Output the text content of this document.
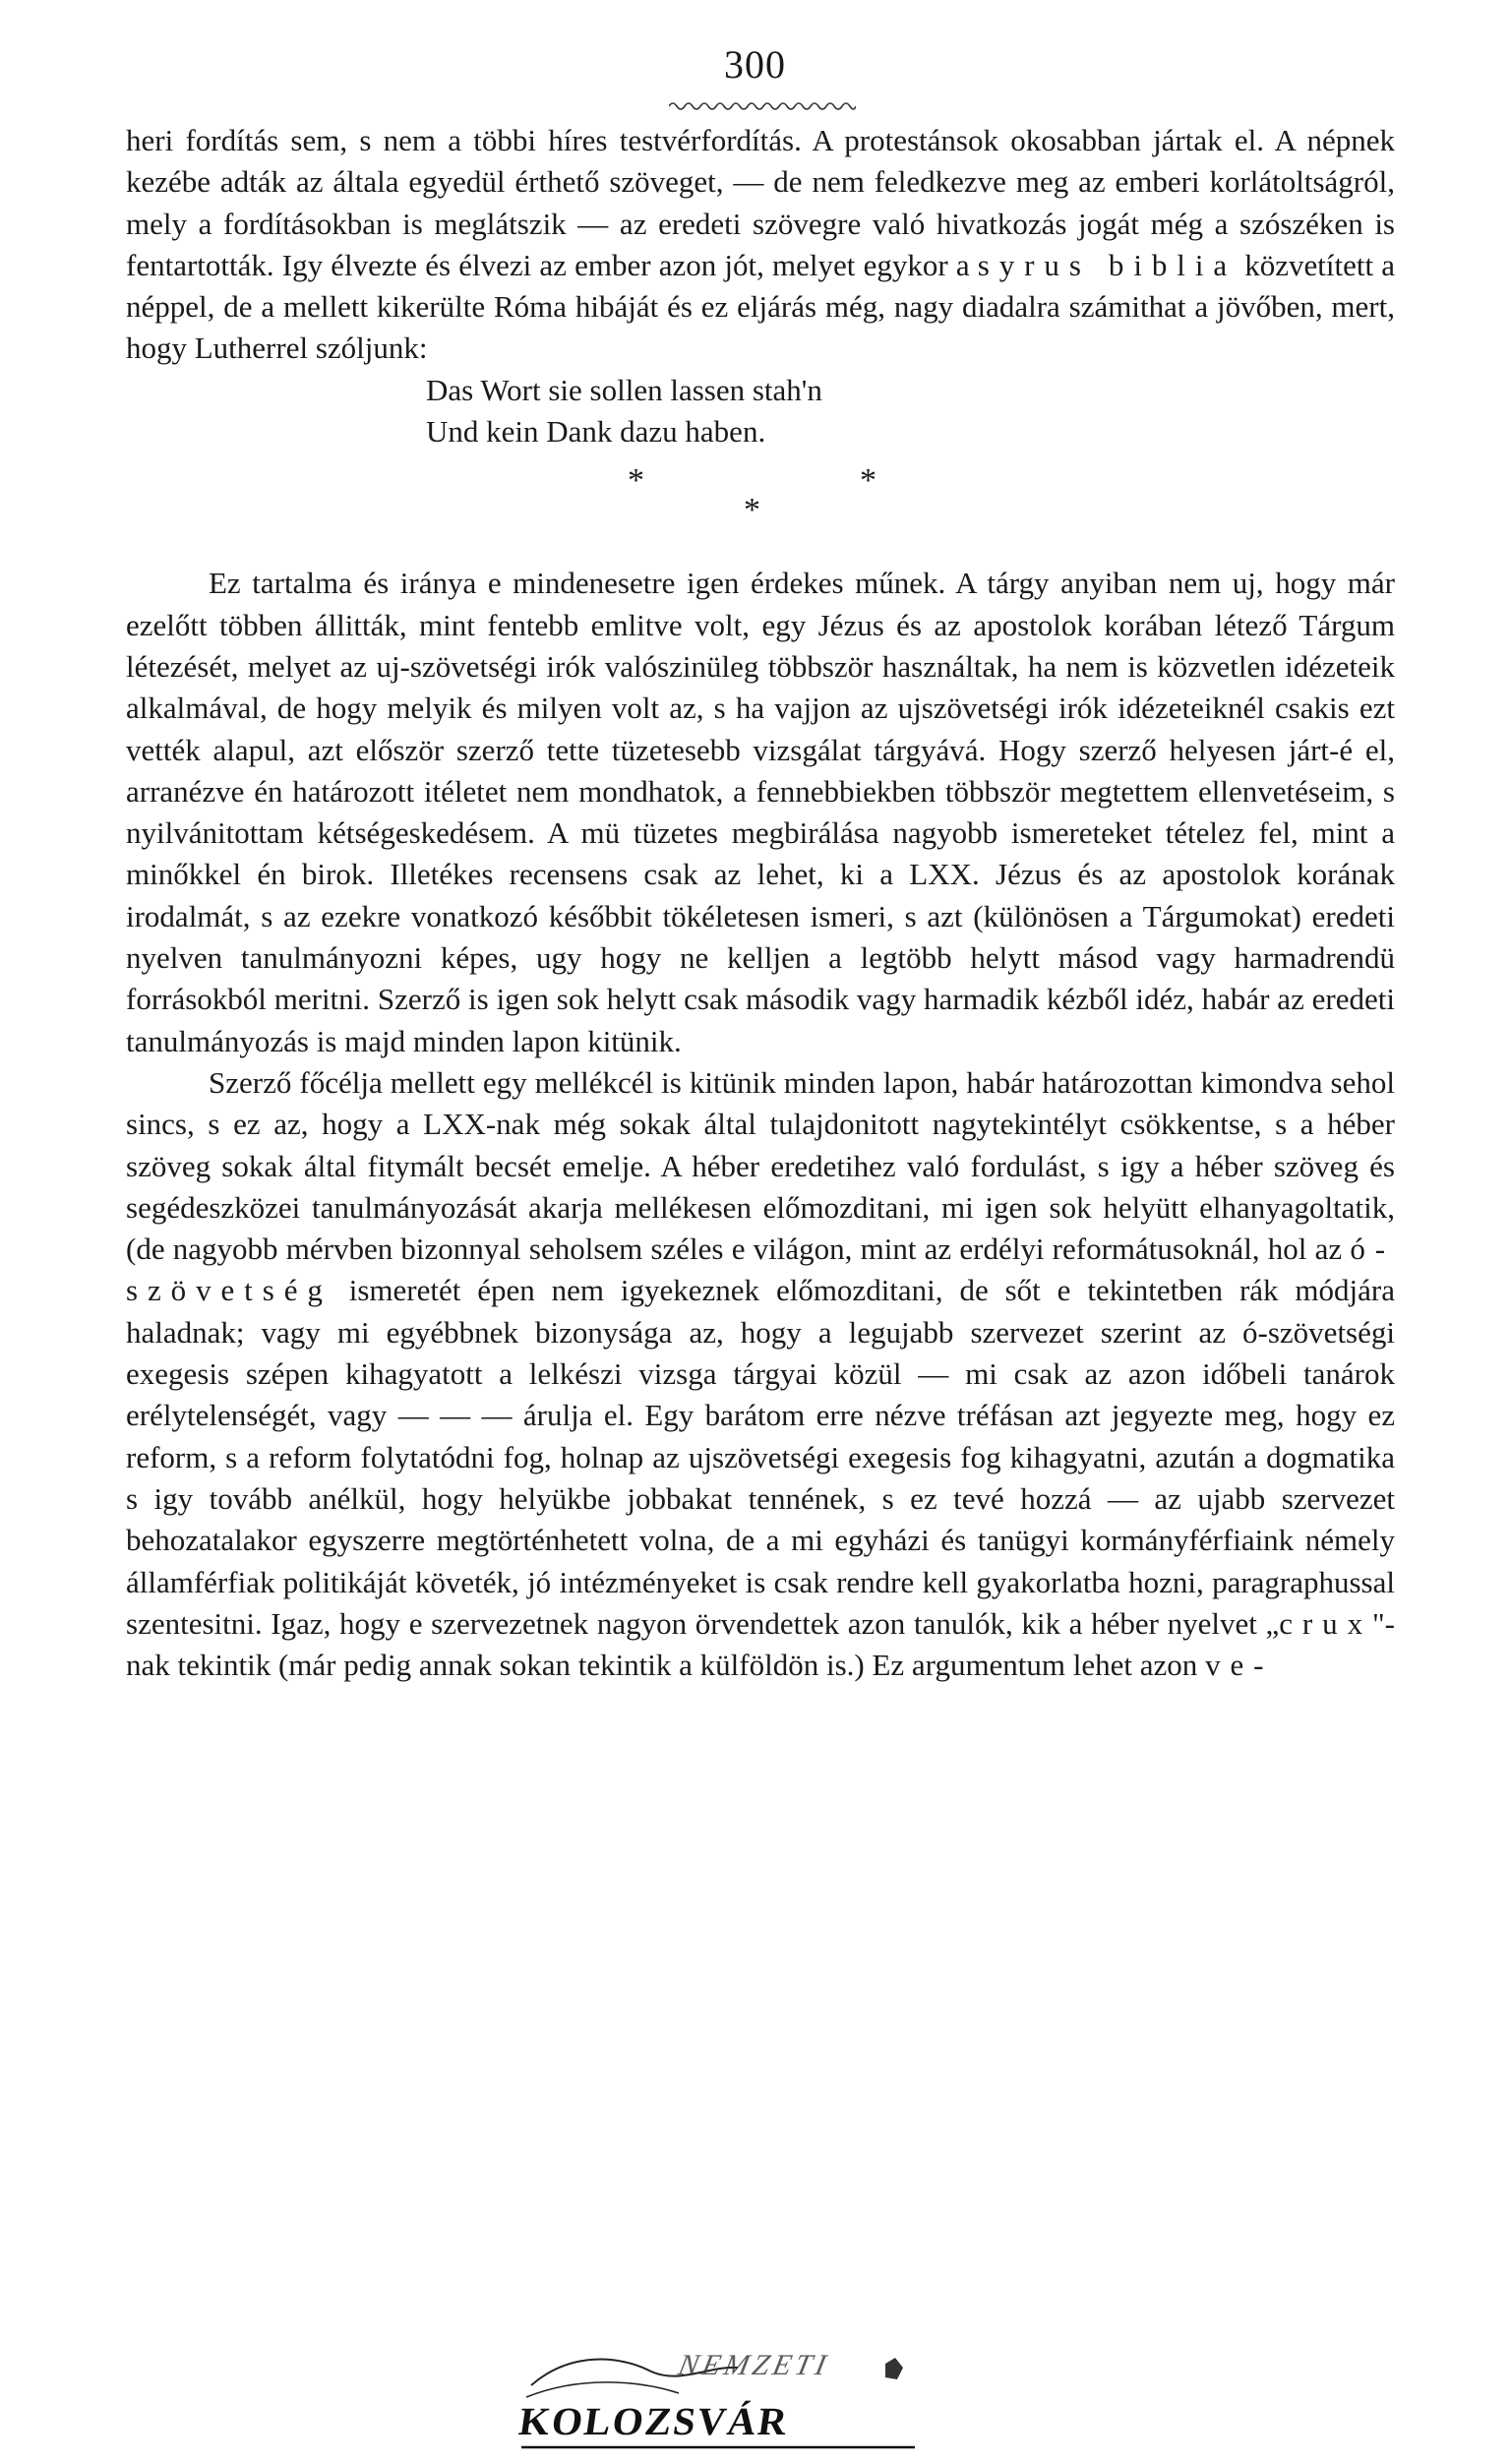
300

heri fordítás sem, s nem a többi híres testvérfordítás. A protestánsok okosabban jártak el. A népnek kezébe adták az általa egyedül érthető szöveget, — de nem feledkezve meg az emberi korlátoltságról, mely a fordításokban is meglátszik — az eredeti szövegre való hivatkozás jogát még a szószéken is fentartották. Igy élvezte és élvezi az ember azon jót, melyet egykor a syrus biblia közvetített a néppel, de a mellett kikerülte Róma hibáját és ez eljárás még, nagy diadalra számithat a jövőben, mert, hogy Lutherrel szóljunk:

Das Wort sie sollen lassen stah'n
Und kein Dank dazu haben.
*	*
*

Ez tartalma és iránya e mindenesetre igen érdekes műnek. A tárgy anyiban nem uj, hogy már ezelőtt többen állitták, mint fentebb emlitve volt, egy Jézus és az apostolok korában létező Tárgum létezését, melyet az uj-szövetségi irók valószinüleg többször használtak, ha nem is közvetlen idézeteik alkalmával, de hogy melyik és milyen volt az, s ha vajjon az ujszövetségi irók idézeteiknél csakis ezt vették alapul, azt először szerző tette tüzetesebb vizsgálat tárgyává. Hogy szerző helyesen járt-é el, arranézve én határozott itéletet nem mondhatok, a fennebbiekben többször megtettem ellenvetéseim, s nyilvánitottam kétségeskedésem. A mü tüzetes megbirálása nagyobb ismereteket tételez fel, mint a minőkkel én birok. Illetékes recensens csak az lehet, ki a LXX. Jézus és az apostolok korának irodalmát, s az ezekre vonatkozó későbbit tökéletesen ismeri, s azt (különösen a Tárgumokat) eredeti nyelven tanulmányozni képes, ugy hogy ne kelljen a legtöbb helytt másod vagy harmadrendü forrásokból meritni. Szerző is igen sok helytt csak második vagy harmadik kézből idéz, habár az eredeti tanulmányozás is majd minden lapon kitünik.

Szerző főcélja mellett egy mellékcél is kitünik minden lapon, habár határozottan kimondva sehol sincs, s ez az, hogy a LXX-nak még sokak által tulajdonitott nagytekintélyt csökkentse, s a héber szöveg sokak által fitymált becsét emelje. A héber eredetihez való fordulást, s igy a héber szöveg és segédeszközei tanulmányozását akarja mellékesen előmozditani, mi igen sok helyütt elhanyagoltatik, (de nagyobb mérvben bizonnyal seholsem széles e világon, mint az erdélyi reformátusoknál, hol az ó-szövetség ismeretét épen nem igyekeznek előmozditani, de sőt e tekintetben rák módjára haladnak; vagy mi egyébbnek bizonysága az, hogy a legujabb szervezet szerint az ó-szövetségi exegesis szépen kihagyatott a lelkészi vizsga tárgyai közül — mi csak az azon időbeli tanárok erélytelenségét, vagy — — — árulja el. Egy barátom erre nézve tréfásan azt jegyezte meg, hogy ez reform, s a reform folytatódni fog, holnap az ujszövetségi exegesis fog kihagyatni, azután a dogmatika s igy tovább anélkül, hogy helyükbe jobbakat tennének, s ez tevé hozzá — az ujabb szervezet behozatalakor egyszerre megtörténhetett volna, de a mi egyházi és tanügyi kormányférfiaink némely államférfiak politikáját követék, jó intézményeket is csak rendre kell gyakorlatba hozni, paragraphussal szentesitni. Igaz, hogy e szervezetnek nagyon örvendettek azon tanulók, kik a héber nyelvet „crux"-nak tekintik (már pedig annak sokan tekintik a külföldön is.) Ez argumentum lehet azon ve-

NEMZETI
KOLOZSVÁR
